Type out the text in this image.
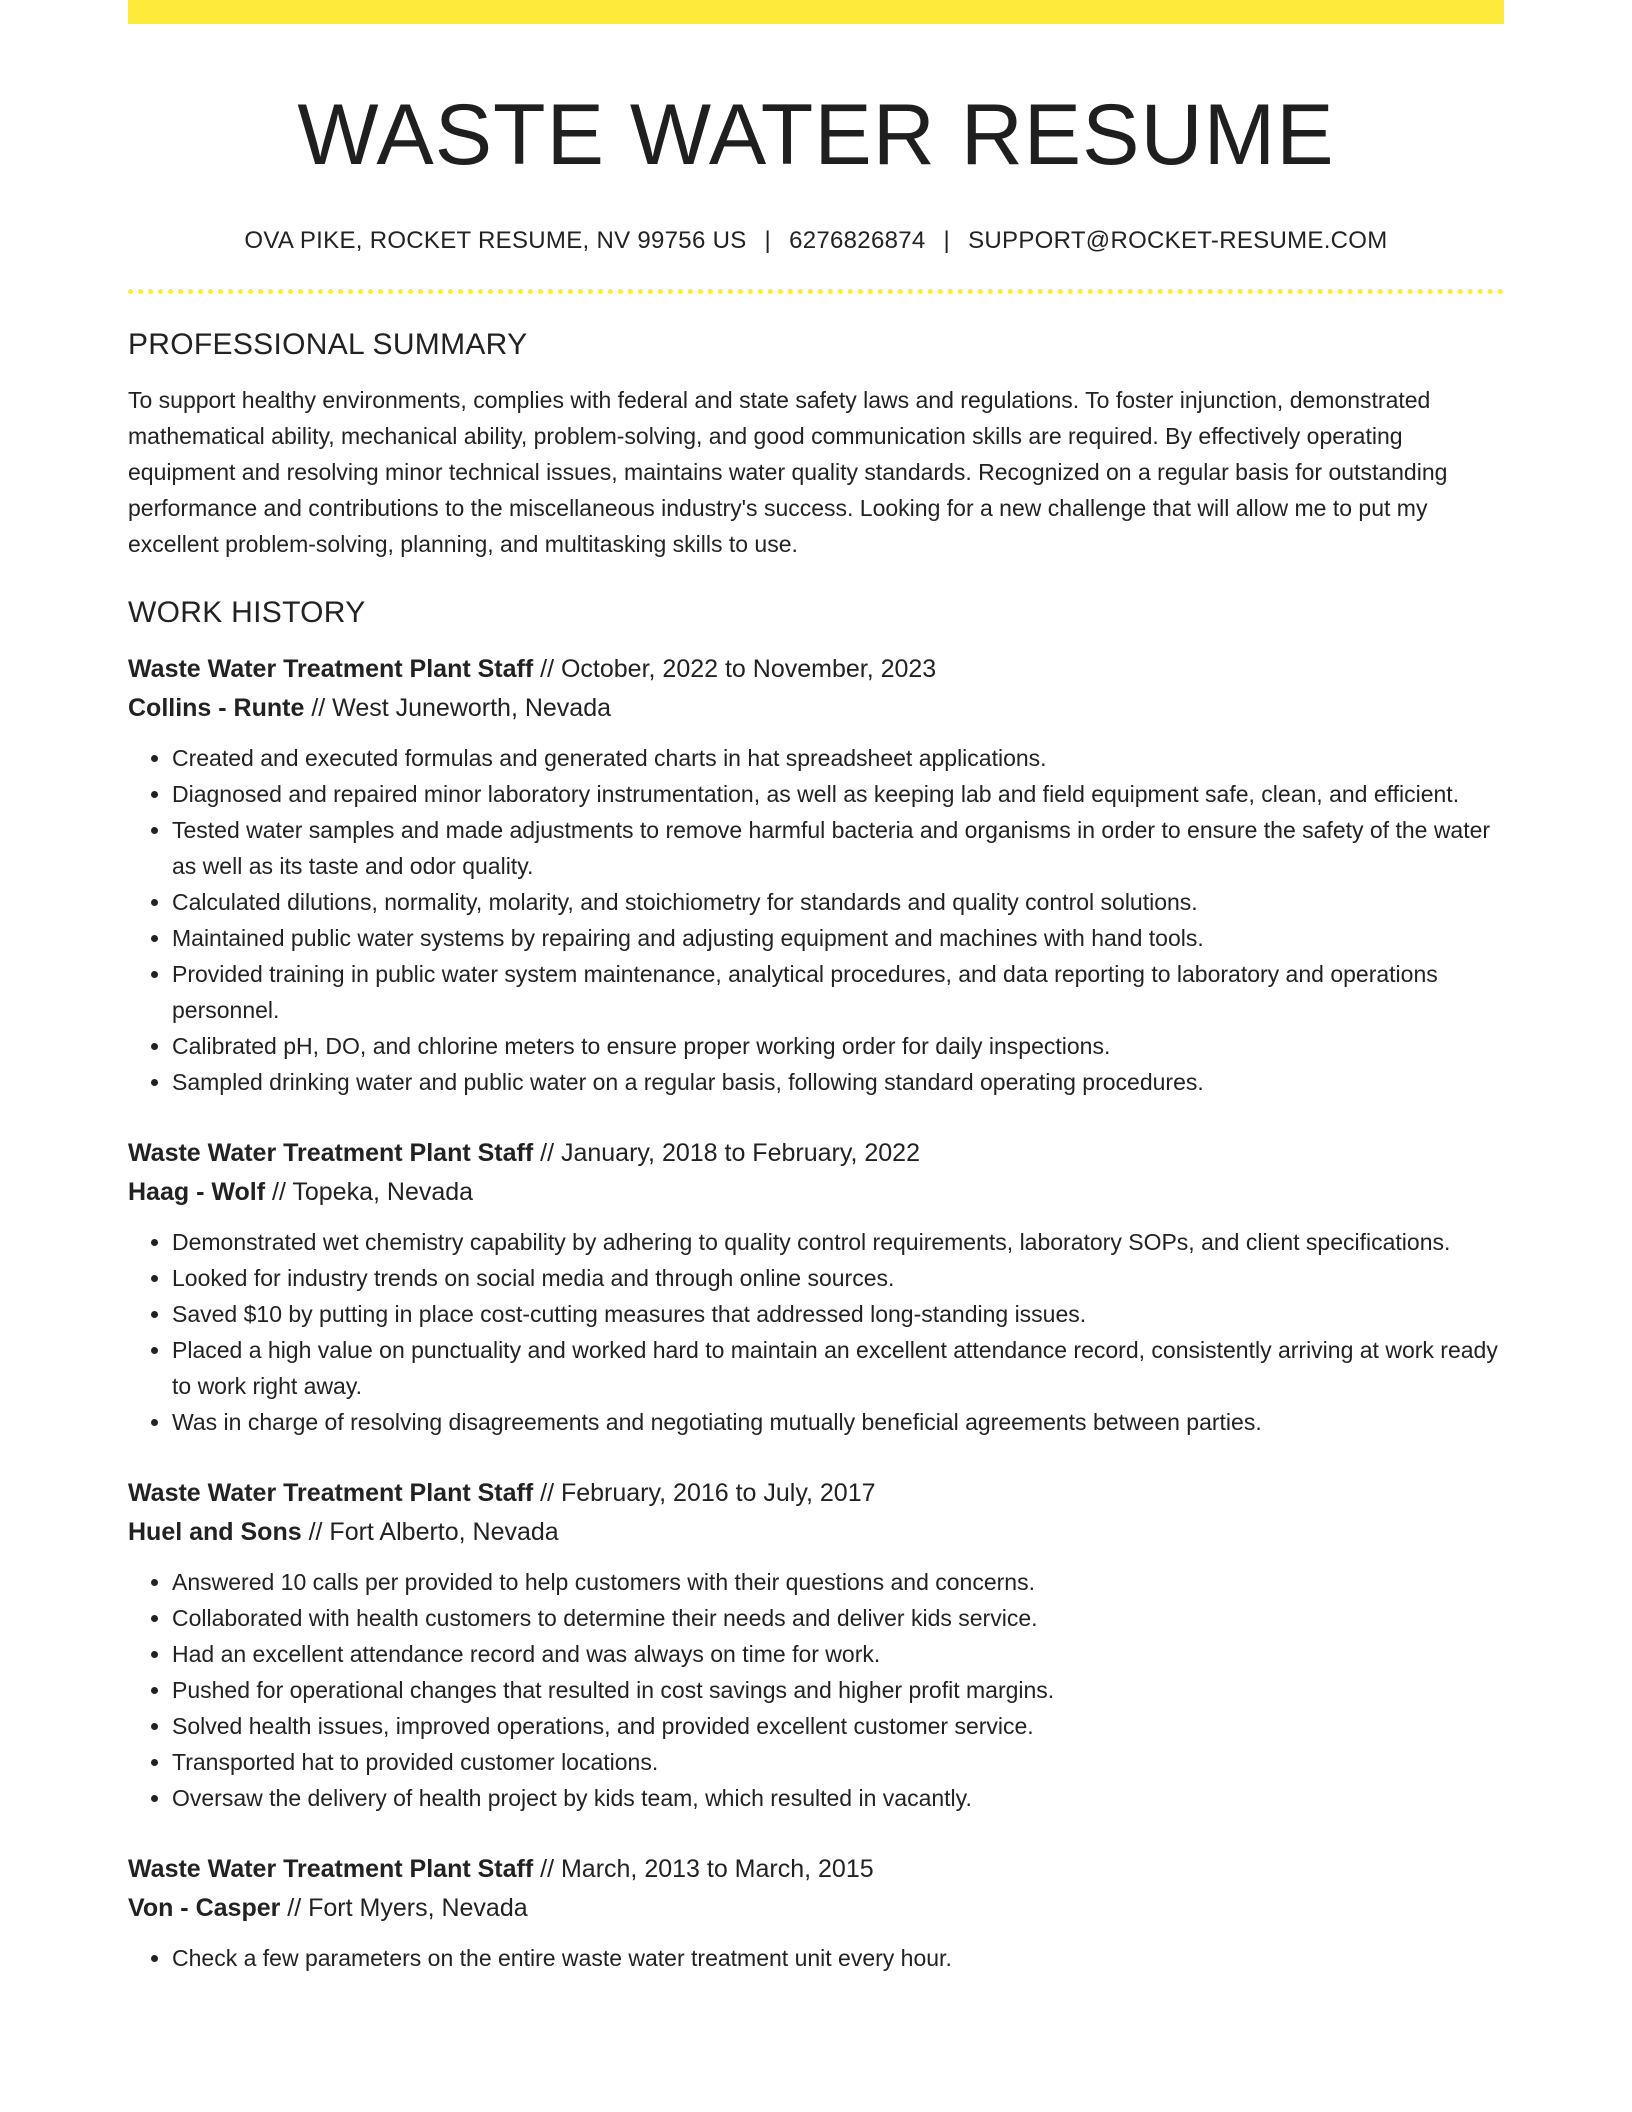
WASTE WATER RESUME
OVA PIKE, ROCKET RESUME, NV 99756 US | 6276826874 | SUPPORT@ROCKET-RESUME.COM
PROFESSIONAL SUMMARY

To support healthy environments, complies with federal and state safety laws and regulations. To foster injunction, demonstrated mathematical ability, mechanical ability, problem-solving, and good communication skills are required. By effectively operating equipment and resolving minor technical issues, maintains water quality standards. Recognized on a regular basis for outstanding performance and contributions to the miscellaneous industry's success. Looking for a new challenge that will allow me to put my excellent problem-solving, planning, and multitasking skills to use.

WORK HISTORY
Waste Water Treatment Plant Staff // October, 2022 to November, 2023
Collins - Runte // West Juneworth, Nevada
• Created and executed formulas and generated charts in hat spreadsheet applications.
• Diagnosed and repaired minor laboratory instrumentation, as well as keeping lab and field equipment safe, clean, and efficient.
• Tested water samples and made adjustments to remove harmful bacteria and organisms in order to ensure the safety of the water as well as its taste and odor quality.
• Calculated dilutions, normality, molarity, and stoichiometry for standards and quality control solutions.
• Maintained public water systems by repairing and adjusting equipment and machines with hand tools.
• Provided training in public water system maintenance, analytical procedures, and data reporting to laboratory and operations personnel.
• Calibrated pH, DO, and chlorine meters to ensure proper working order for daily inspections.
• Sampled drinking water and public water on a regular basis, following standard operating procedures.
Waste Water Treatment Plant Staff // January, 2018 to February, 2022
Haag - Wolf // Topeka, Nevada
• Demonstrated wet chemistry capability by adhering to quality control requirements, laboratory SOPs, and client specifications.
• Looked for industry trends on social media and through online sources.
• Saved $10 by putting in place cost-cutting measures that addressed long-standing issues.
• Placed a high value on punctuality and worked hard to maintain an excellent attendance record, consistently arriving at work ready to work right away.
• Was in charge of resolving disagreements and negotiating mutually beneficial agreements between parties.
Waste Water Treatment Plant Staff // February, 2016 to July, 2017
Huel and Sons // Fort Alberto, Nevada
• Answered 10 calls per provided to help customers with their questions and concerns.
• Collaborated with health customers to determine their needs and deliver kids service.
• Had an excellent attendance record and was always on time for work.
• Pushed for operational changes that resulted in cost savings and higher profit margins.
• Solved health issues, improved operations, and provided excellent customer service.
• Transported hat to provided customer locations.
• Oversaw the delivery of health project by kids team, which resulted in vacantly.
Waste Water Treatment Plant Staff // March, 2013 to March, 2015
Von - Casper // Fort Myers, Nevada
• Check a few parameters on the entire waste water treatment unit every hour.
